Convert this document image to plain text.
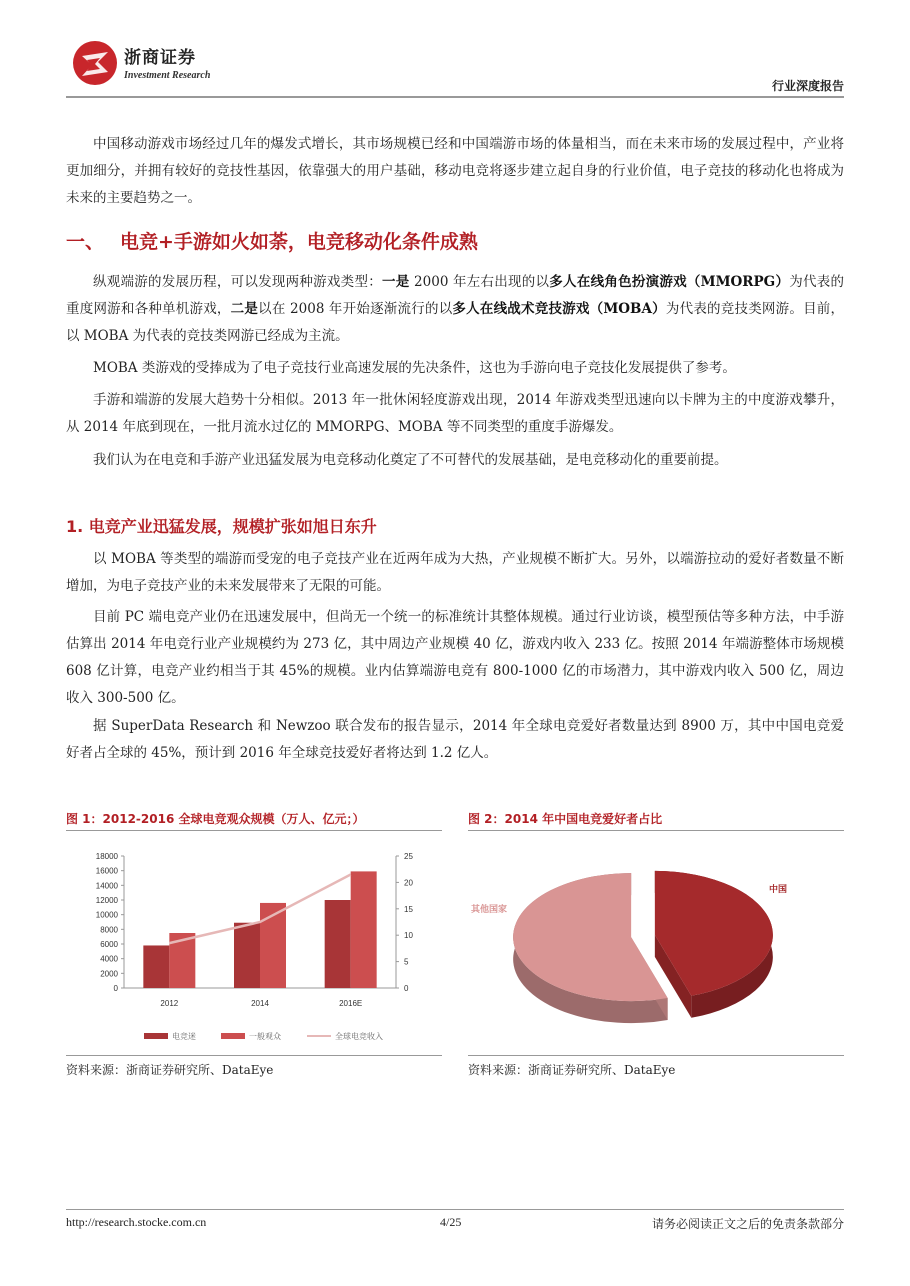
浙商证券
Investment Research
行业深度报告

中国移动游戏市场经过几年的爆发式增长，其市场规模已经和中国端游市场的体量相当，而在未来市场的发展过程中，产业将更加细分，并拥有较好的竞技性基因，依靠强大的用户基础，移动电竞将逐步建立起自身的行业价值，电子竞技的移动化也将成为未来的主要趋势之一。

一、 电竞+手游如火如荼，电竞移动化条件成熟

纵观端游的发展历程，可以发现两种游戏类型：一是 2000 年左右出现的以多人在线角色扮演游戏（MMORPG）为代表的重度网游和各种单机游戏，二是以在 2008 年开始逐渐流行的以多人在线战术竞技游戏（MOBA）为代表的竞技类网游。目前，以 MOBA 为代表的竞技类网游已经成为主流。

MOBA 类游戏的受捧成为了电子竞技行业高速发展的先决条件，这也为手游向电子竞技化发展提供了参考。

手游和端游的发展大趋势十分相似。2013 年一批休闲轻度游戏出现，2014 年游戏类型迅速向以卡牌为主的中度游戏攀升，从 2014 年底到现在，一批月流水过亿的 MMORPG、MOBA 等不同类型的重度手游爆发。

我们认为在电竞和手游产业迅猛发展为电竞移动化奠定了不可替代的发展基础，是电竞移动化的重要前提。

1. 电竞产业迅猛发展，规模扩张如旭日东升

以 MOBA 等类型的端游而受宠的电子竞技产业在近两年成为大热，产业规模不断扩大。另外，以端游拉动的爱好者数量不断增加，为电子竞技产业的未来发展带来了无限的可能。

目前 PC 端电竞产业仍在迅速发展中，但尚无一个统一的标准统计其整体规模。通过行业访谈，模型预估等多种方法，中手游估算出 2014 年电竞行业产业规模约为 273 亿，其中周边产业规模 40 亿，游戏内收入 233 亿。按照 2014 年端游整体市场规模 608 亿计算，电竞产业约相当于其 45%的规模。业内估算端游电竞有 800-1000 亿的市场潜力，其中游戏内收入 500 亿，周边收入 300-500 亿。

据 SuperData Research 和 Newzoo 联合发布的报告显示，2014 年全球电竞爱好者数量达到 8900 万，其中中国电竞爱好者占全球的 45%，预计到 2016 年全球竞技爱好者将达到 1.2 亿人。

图 1：2012-2016 全球电竞观众规模（万人、亿元；）
0
2000
4000
6000
8000
10000
12000
14000
16000
18000
0
5
10
15
20
25
2012	2014	2016E
电竞迷	一般观众	全球电竞收入
资料来源：浙商证券研究所、DataEye
图 2：2014 年中国电竞爱好者占比
中国
其他国家
资料来源：浙商证券研究所、DataEye
http://research.stocke.com.cn	4/25	请务必阅读正文之后的免责条款部分
